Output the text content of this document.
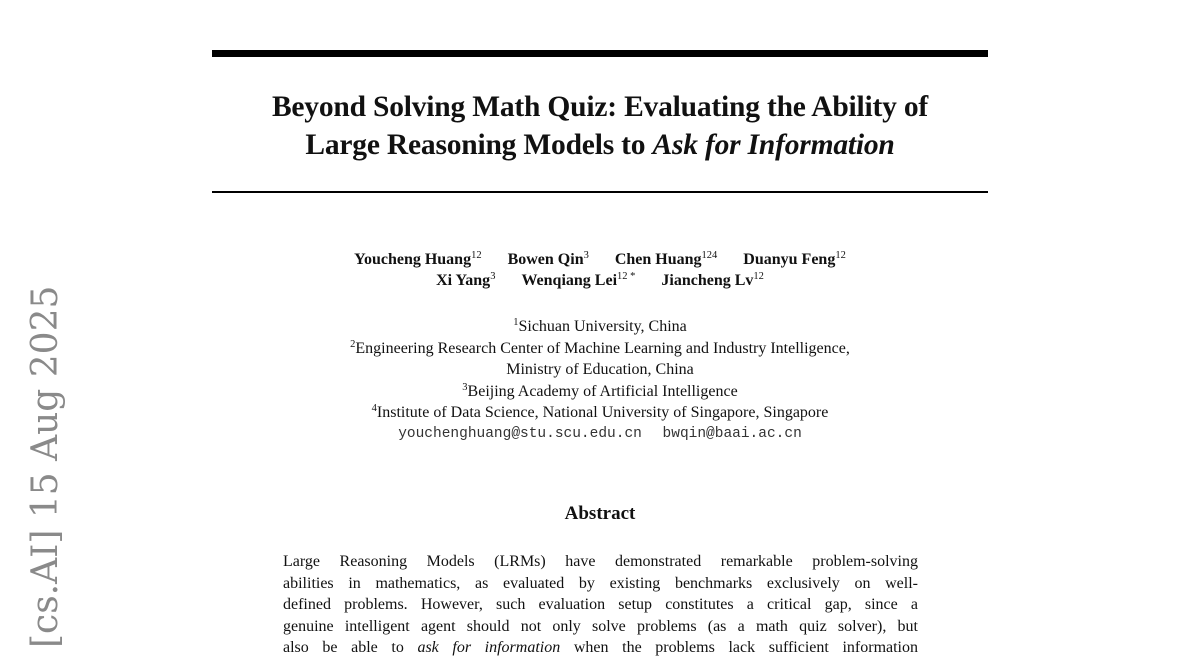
[cs.AI] 15 Aug 2025
Beyond Solving Math Quiz: Evaluating the Ability of
Large Reasoning Models to Ask for Information
Youcheng Huang$^{12}$ Bowen Qin$^3$ Chen Huang$^{124}$ Duanyu Feng$^{12}$
Xi Yang$^3$ Wenqiang Lei$^{12 *}$ Jiancheng Lv$^{12}$
$^1$Sichuan University, China
$^2$Engineering Research Center of Machine Learning and Industry Intelligence,
Ministry of Education, China
$^3$Beijing Academy of Artificial Intelligence
$^4$Institute of Data Science, National University of Singapore, Singapore
youchenghuang@stu.scu.edu.cn bwqin@baai.ac.cn
Abstract
Large Reasoning Models (LRMs) have demonstrated remarkable problem-solving
abilities in mathematics, as evaluated by existing benchmarks exclusively on well-
defined problems. However, such evaluation setup constitutes a critical gap, since a
genuine intelligent agent should not only solve problems (as a math quiz solver), but
also be able to ask for information when the problems lack sufficient information
